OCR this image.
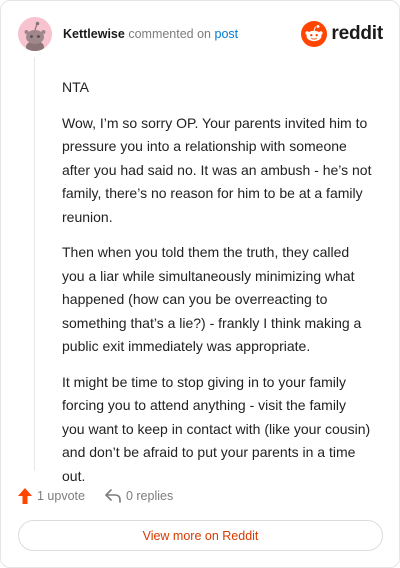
Kettlewise commented on post	reddit

NTA

Wow, I’m so sorry OP. Your parents invited him to pressure you into a relationship with someone after you had said no. It was an ambush - he’s not family, there’s no reason for him to be at a family reunion.

Then when you told them the truth, they called you a liar while simultaneously minimizing what happened (how can you be overreacting to something that’s a lie?) - frankly I think making a public exit immediately was appropriate.

It might be time to stop giving in to your family forcing you to attend anything - visit the family you want to keep in contact with (like your cousin) and don’t be afraid to put your parents in a time out.

1 upvote	0 replies
View more on Reddit
